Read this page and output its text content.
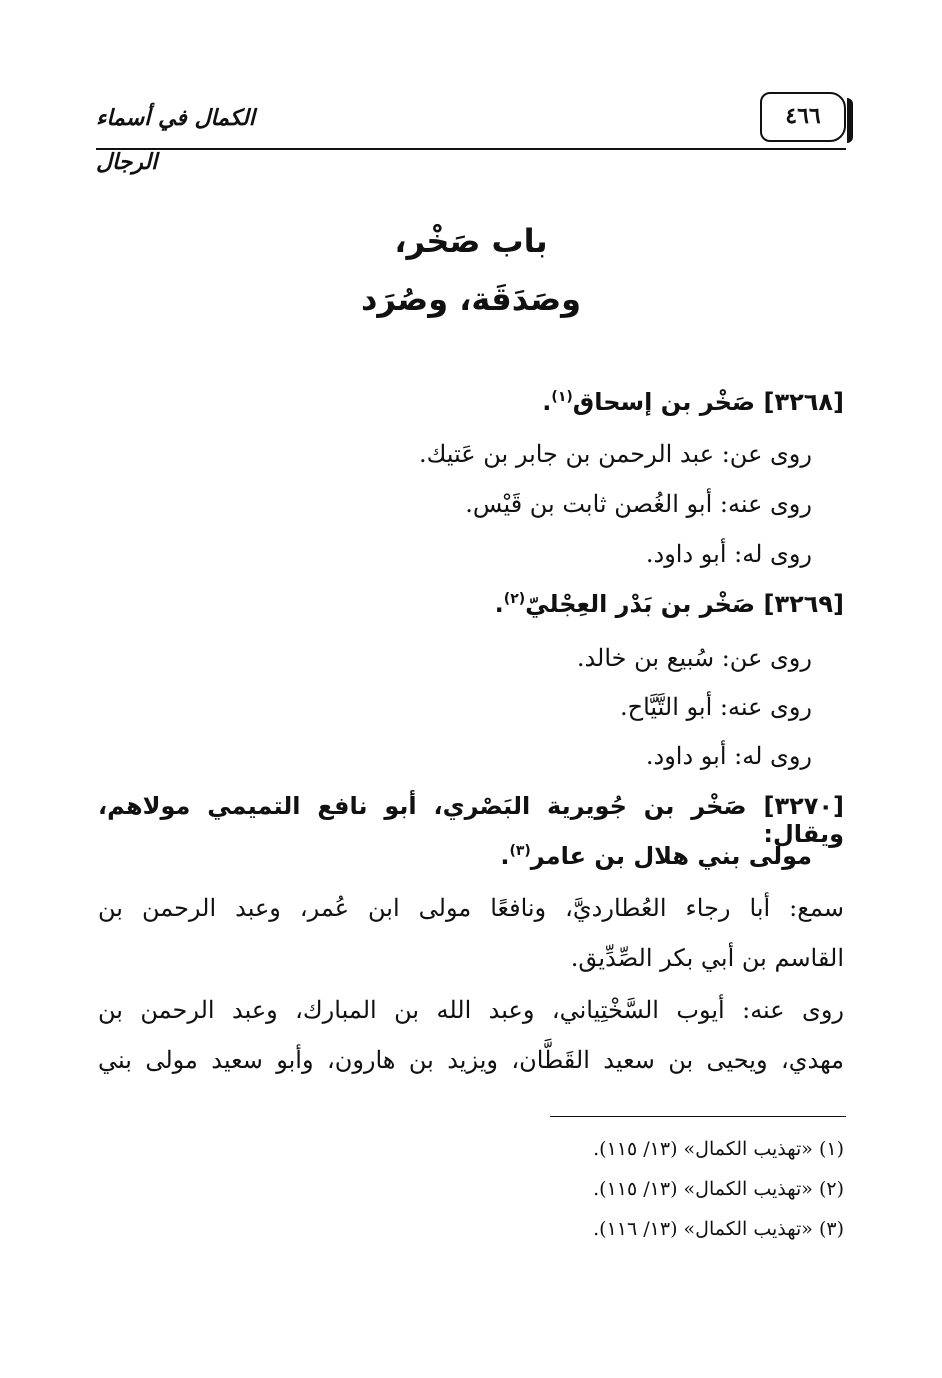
٤٦٦
الكمال في أسماء الرجال
باب صَخْر،
وصَدَقَة، وصُرَد
[٣٢٦٨] صَخْر بن إسحاق$^{(١)}$.
روى عن: عبد الرحمن بن جابر بن عَتيك.
روى عنه: أبو الغُصن ثابت بن قَيْس.
روى له: أبو داود.
[٣٢٦٩] صَخْر بن بَدْر العِجْليّ$^{(٢)}$.
روى عن: سُبيع بن خالد.
روى عنه: أبو التَّيَّاح.
روى له: أبو داود.
[٣٢٧٠] صَخْر بن جُويرية البَصْري، أبو نافع التميمي مولاهم، ويقال:
مولى بني هلال بن عامر$^{(٣)}$.
سمع: أبا رجاء العُطارديَّ، ونافعًا مولى ابن عُمر، وعبد الرحمن بن
القاسم بن أبي بكر الصِّدِّيق.
روى عنه: أيوب السَّخْتِياني، وعبد الله بن المبارك، وعبد الرحمن بن
مهدي، ويحيى بن سعيد القَطَّان، ويزيد بن هارون، وأبو سعيد مولى بني
(١) «تهذيب الكمال» (١٣/ ١١٥).
(٢) «تهذيب الكمال» (١٣/ ١١٥).
(٣) «تهذيب الكمال» (١٣/ ١١٦).
